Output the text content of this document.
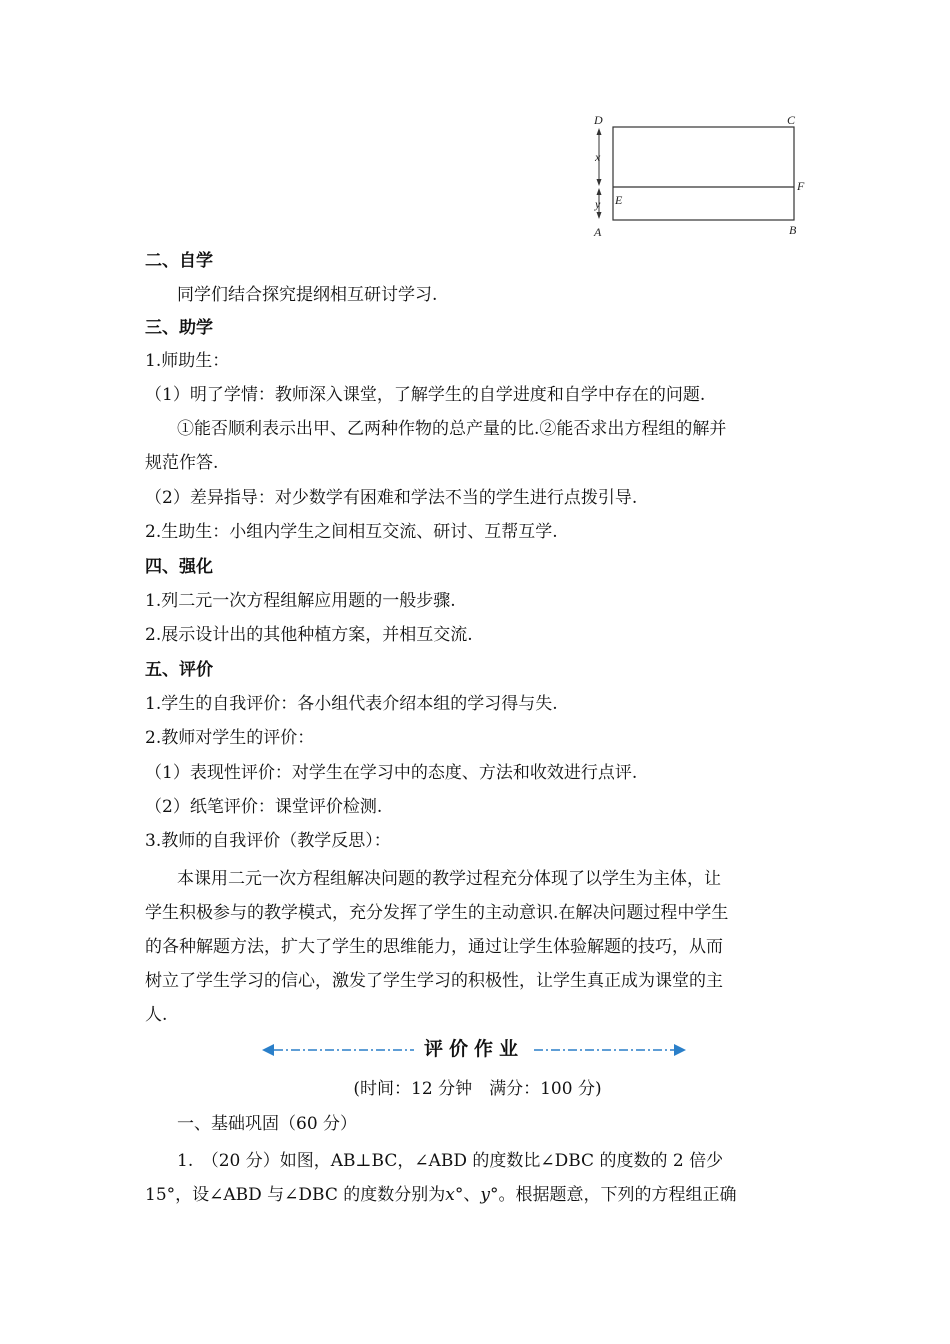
D	C
F
E
A	B
x
y
二、自学
同学们结合探究提纲相互研讨学习.
三、助学
1.师助生：
（1）明了学情：教师深入课堂，了解学生的自学进度和自学中存在的问题.
①能否顺利表示出甲、乙两种作物的总产量的比.②能否求出方程组的解并
规范作答.
（2）差异指导：对少数学有困难和学法不当的学生进行点拨引导.
2.生助生：小组内学生之间相互交流、研讨、互帮互学.
四、强化
1.列二元一次方程组解应用题的一般步骤.
2.展示设计出的其他种植方案，并相互交流.
五、评价
1.学生的自我评价：各小组代表介绍本组的学习得与失.
2.教师对学生的评价：
（1）表现性评价：对学生在学习中的态度、方法和收效进行点评.
（2）纸笔评价：课堂评价检测.
3.教师的自我评价（教学反思）：
本课用二元一次方程组解决问题的教学过程充分体现了以学生为主体，让
学生积极参与的教学模式，充分发挥了学生的主动意识.在解决问题过程中学生
的各种解题方法，扩大了学生的思维能力，通过让学生体验解题的技巧，从而
树立了学生学习的信心，激发了学生学习的积极性，让学生真正成为课堂的主
人.
评价作业
(时间：12 分钟　满分：100 分)
一、基础巩固（60 分）
1.　（20 分）如图，AB⊥BC，∠ABD 的度数比∠DBC 的度数的 2 倍少
15°，设∠ABD 与∠DBC 的度数分别为x°、y°。根据题意，下列的方程组正确
